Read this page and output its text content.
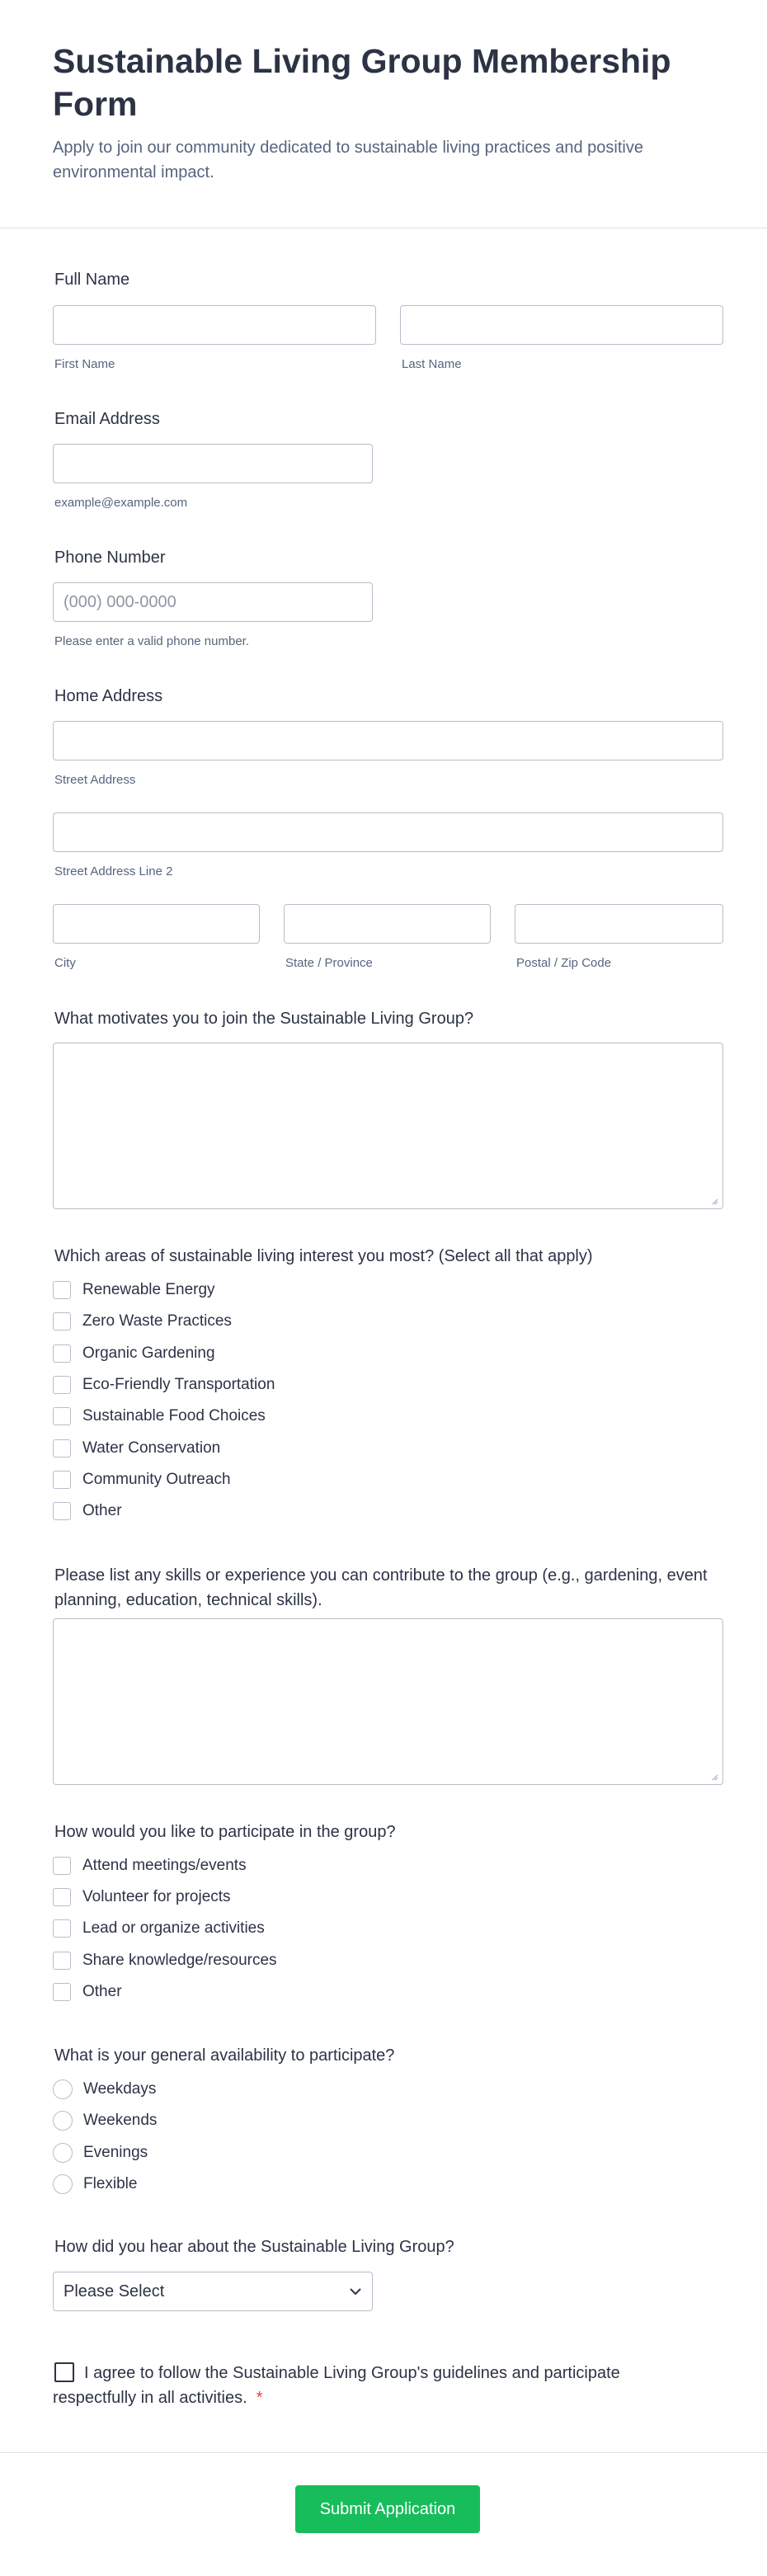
Sustainable Living Group Membership Form

Apply to join our community dedicated to sustainable living practices and positive environmental impact.

Full Name
First Name	Last Name
Email Address
example@example.com
Phone Number
(000) 000-0000
Please enter a valid phone number.
Home Address
Street Address
Street Address Line 2
City	State / Province	Postal / Zip Code
What motivates you to join the Sustainable Living Group?
Which areas of sustainable living interest you most? (Select all that apply)
Renewable Energy
Zero Waste Practices
Organic Gardening
Eco-Friendly Transportation
Sustainable Food Choices
Water Conservation
Community Outreach
Other
Please list any skills or experience you can contribute to the group (e.g., gardening, event planning, education, technical skills).
How would you like to participate in the group?
Attend meetings/events
Volunteer for projects
Lead or organize activities
Share knowledge/resources
Other
What is your general availability to participate?
Weekdays
Weekends
Evenings
Flexible
How did you hear about the Sustainable Living Group?
Please Select
I agree to follow the Sustainable Living Group's guidelines and participate respectfully in all activities. *
Submit Application
